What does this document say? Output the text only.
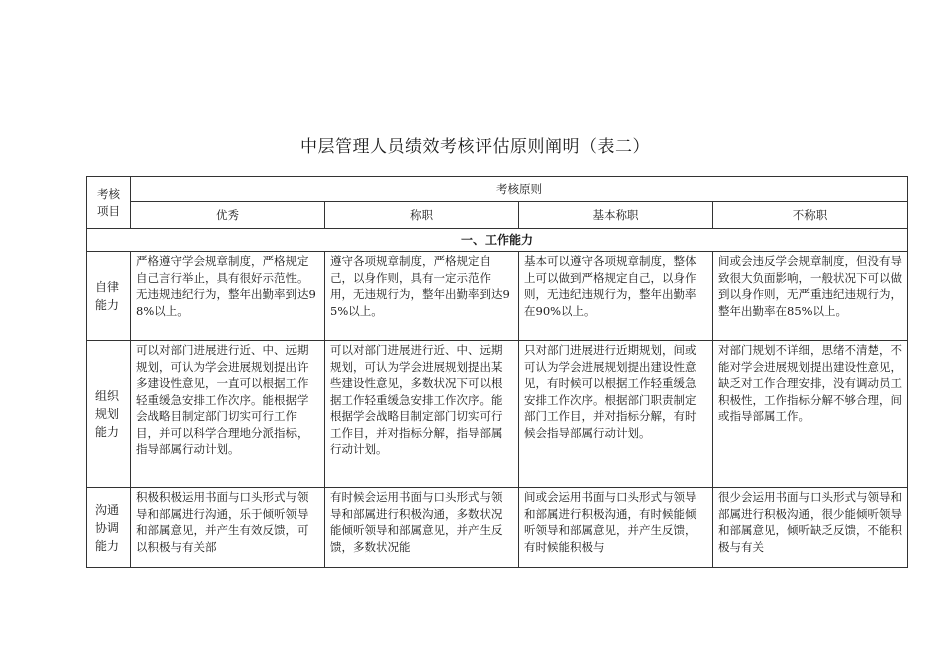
中层管理人员绩效考核评估原则阐明（表二）
考核项目	考核原则			
	优秀	称职	基本称职	不称职
一、工作能力				
自律能力	严格遵守学会规章制度，严格规定自己言行举止，具有很好示范性。无违规违纪行为，整年出勤率到达98%以上。	遵守各项规章制度，严格规定自己，以身作则，具有一定示范作用，无违规行为，整年出勤率到达95%以上。	基本可以遵守各项规章制度，整体上可以做到严格规定自己，以身作则，无违纪违规行为，整年出勤率在90%以上。	间或会违反学会规章制度，但没有导致很大负面影响，一般状况下可以做到以身作则，无严重违纪违规行为，整年出勤率在85%以上。
组织规划能力	可以对部门进展进行近、中、远期规划，可认为学会进展规划提出许多建设性意见，一直可以根据工作轻重缓急安排工作次序。能根据学会战略目制定部门切实可行工作目，并可以科学合理地分派指标，指导部属行动计划。	可以对部门进展进行近、中、远期规划，可认为学会进展规划提出某些建设性意见，多数状况下可以根据工作轻重缓急安排工作次序。能根据学会战略目制定部门切实可行工作目，并对指标分解，指导部属行动计划。	只对部门进展进行近期规划，间或可认为学会进展规划提出建设性意见，有时候可以根据工作轻重缓急安排工作次序。根据部门职责制定部门工作目，并对指标分解，有时候会指导部属行动计划。	对部门规划不详细，思绪不清楚，不能对学会进展规划提出建设性意见，缺乏对工作合理安排，没有调动员工积极性，工作指标分解不够合理，间或指导部属工作。
沟通协调能力	积极积极运用书面与口头形式与领导和部属进行沟通，乐于倾听领导和部属意见，并产生有效反馈，可以积极与有关部	有时候会运用书面与口头形式与领导和部属进行积极沟通，多数状况能倾听领导和部属意见，并产生反馈，多数状况能	间或会运用书面与口头形式与领导和部属进行积极沟通，有时候能倾听领导和部属意见，并产生反馈，有时候能积极与	很少会运用书面与口头形式与领导和部属进行积极沟通，很少能倾听领导和部属意见，倾听缺乏反馈，不能积极与有关
